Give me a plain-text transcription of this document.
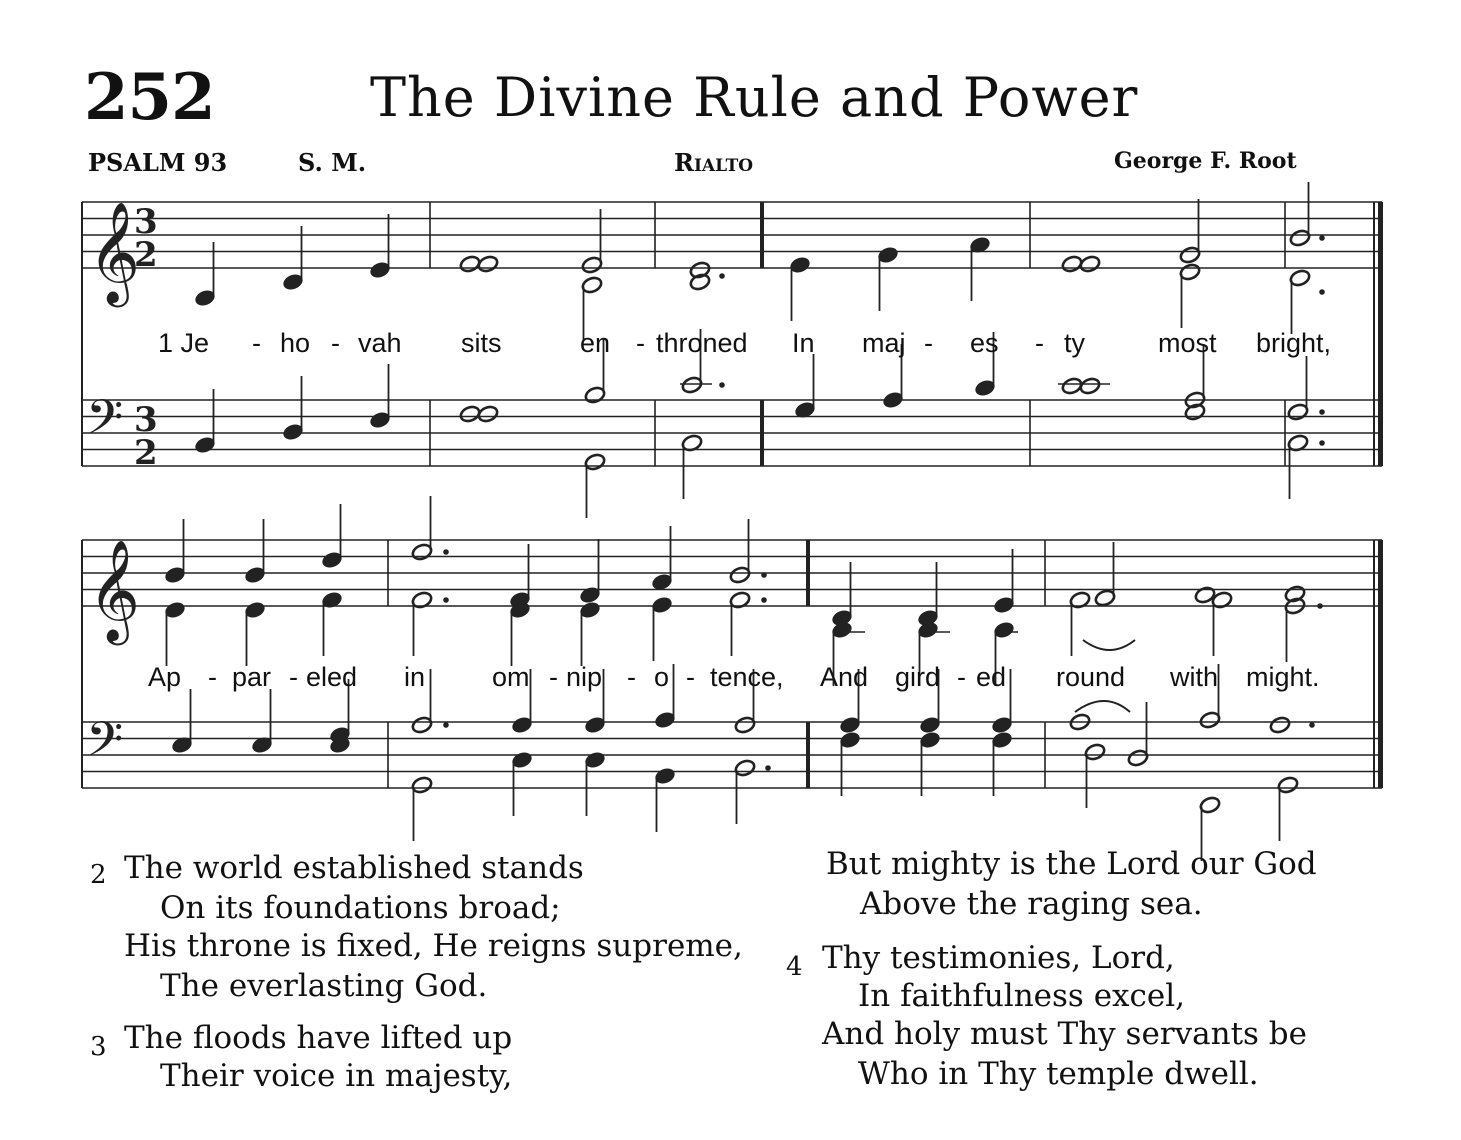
252	The Divine Rule and Power
PSALM 93	S. M.	Rialto	George F. Root
𝄞
3
2
𝄢 3
2
𝄞
𝄢
1 Je - ho - vah sits	en - throned In maj - es - ty	most bright,
Ap - par - eled in om - nip - o - tence, And gird - ed round with might.
2 The world established stands
On its foundations broad;
His throne is fixed, He reigns supreme,
The everlasting God.
3 The floods have lifted up
Their voice in majesty,
But mighty is the Lord our God
Above the raging sea.
4 Thy testimonies, Lord,
In faithfulness excel,
And holy must Thy servants be
Who in Thy temple dwell.
